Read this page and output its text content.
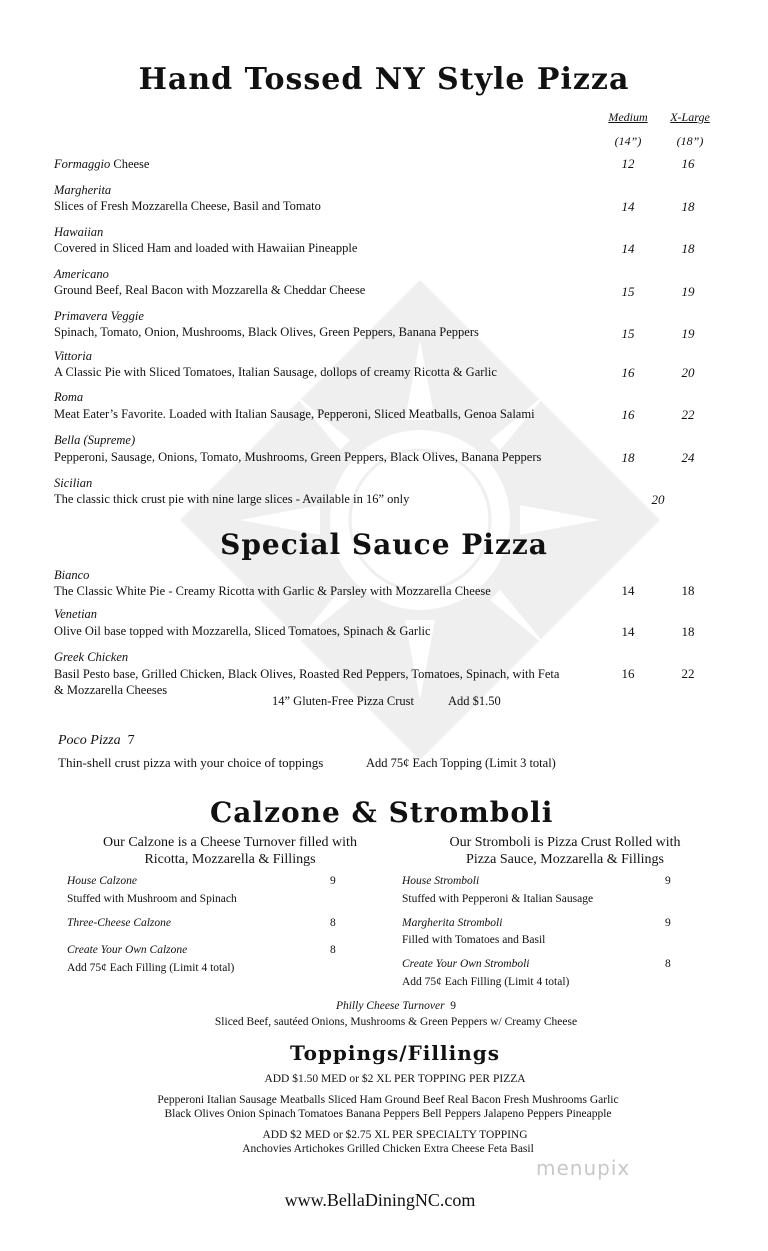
Hand Tossed NY Style Pizza
Medium	X-Large
(14”)	(18”)
Formaggio Cheese	12	16
Margherita
Slices of Fresh Mozzarella Cheese, Basil and Tomato	14	18
Hawaiian
Covered in Sliced Ham and loaded with Hawaiian Pineapple	14	18
Americano
Ground Beef, Real Bacon with Mozzarella & Cheddar Cheese	15	19
Primavera Veggie
Spinach, Tomato, Onion, Mushrooms, Black Olives, Green Peppers, Banana Peppers	15	19
Vittoria
A Classic Pie with Sliced Tomatoes, Italian Sausage, dollops of creamy Ricotta & Garlic	16	20
Roma
Meat Eater’s Favorite. Loaded with Italian Sausage, Pepperoni, Sliced Meatballs, Genoa Salami	16	22
Bella (Supreme)
Pepperoni, Sausage, Onions, Tomato, Mushrooms, Green Peppers, Black Olives, Banana Peppers	18	24
Sicilian
The classic thick crust pie with nine large slices - Available in 16” only	20
Special Sauce Pizza
Bianco
The Classic White Pie - Creamy Ricotta with Garlic & Parsley with Mozzarella Cheese	14	18
Venetian
Olive Oil base topped with Mozzarella, Sliced Tomatoes, Spinach & Garlic	14	18
Greek Chicken
Basil Pesto base, Grilled Chicken, Black Olives, Roasted Red Peppers, Tomatoes, Spinach, with Feta
& Mozzarella Cheeses
16	22
14” Gluten-Free Pizza Crust	Add $1.50
Poco Pizza 7
Thin-shell crust pizza with your choice of toppings	Add 75¢ Each Topping (Limit 3 total)
Calzone & Stromboli
Our Calzone is a Cheese Turnover filled with
Ricotta, Mozzarella & Fillings
Our Stromboli is Pizza Crust Rolled with
Pizza Sauce, Mozzarella & Fillings
House Calzone	9
Stuffed with Mushroom and Spinach
Three-Cheese Calzone	8
Create Your Own Calzone	8
Add 75¢ Each Filling (Limit 4 total)
House Stromboli	9
Stuffed with Pepperoni & Italian Sausage
Margherita Stromboli	9
Filled with Tomatoes and Basil
Create Your Own Stromboli	8
Add 75¢ Each Filling (Limit 4 total)
Philly Cheese Turnover 9
Sliced Beef, sautéed Onions, Mushrooms & Green Peppers w/ Creamy Cheese
Toppings/Fillings
ADD $1.50 MED or $2 XL PER TOPPING PER PIZZA
Pepperoni Italian Sausage Meatballs Sliced Ham Ground Beef Real Bacon Fresh Mushrooms Garlic
Black Olives Onion Spinach Tomatoes Banana Peppers Bell Peppers Jalapeno Peppers Pineapple
ADD $2 MED or $2.75 XL PER SPECIALTY TOPPING
Anchovies Artichokes Grilled Chicken Extra Cheese Feta Basil
menupix
www.BellaDiningNC.com
